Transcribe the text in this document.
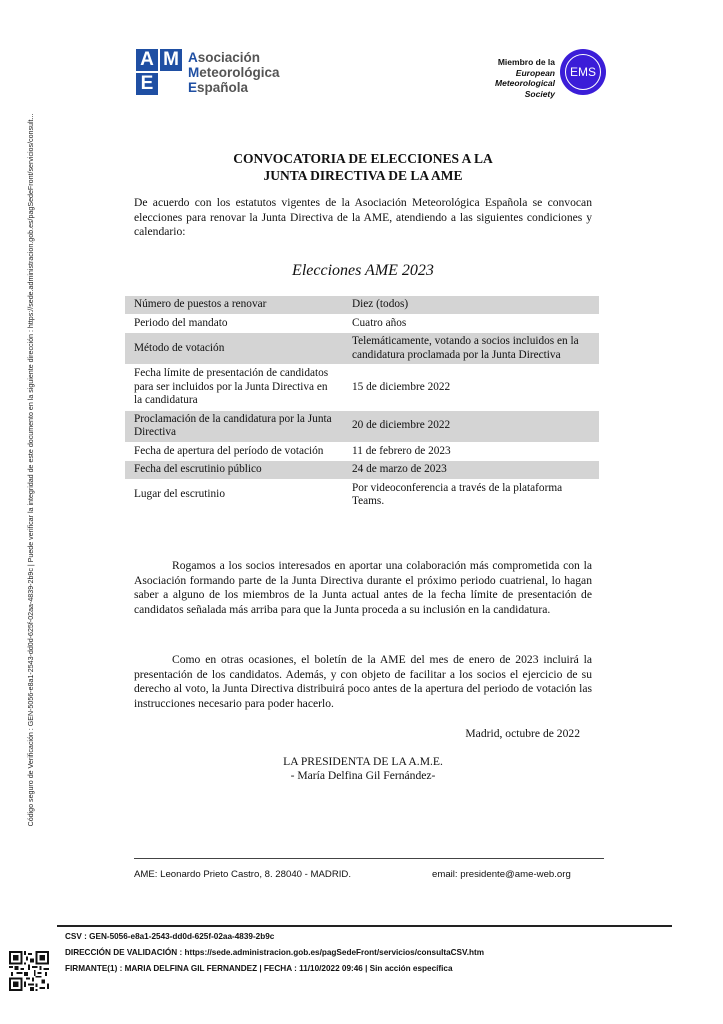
Código seguro de Verificación : GEN-5056-e8a1-2543-dd0d-625f-02aa-4839-2b9c | Puede verificar la integridad de este documento en la siguiente dirección : https://sede.administracion.gob.es/pagSedeFront/servicios/consult...
A M
E
Asociación
Meteorológica
Española
Miembro de la
European
Meteorological
Society
EMS
CONVOCATORIA DE ELECCIONES A LA
JUNTA DIRECTIVA DE LA AME
De acuerdo con los estatutos vigentes de la Asociación Meteorológica Española se convocan elecciones para renovar la Junta Directiva de la AME, atendiendo a las siguientes condiciones y calendario:
Elecciones AME 2023
Número de puestos a renovar	Diez (todos)
Periodo del mandato	Cuatro años
Método de votación	Telemáticamente, votando a socios incluidos en la candidatura proclamada por la Junta Directiva
Fecha límite de presentación de candidatos para ser incluidos por la Junta Directiva en la candidatura	15 de diciembre 2022
Proclamación de la candidatura por la Junta Directiva	20 de diciembre 2022
Fecha de apertura del período de votación	11 de febrero de 2023
Fecha del escrutinio público	24 de marzo de 2023
Lugar del escrutinio	Por videoconferencia a través de la plataforma Teams.
Rogamos a los socios interesados en aportar una colaboración más comprometida con la Asociación formando parte de la Junta Directiva durante el próximo periodo cuatrienal, lo hagan saber a alguno de los miembros de la Junta actual antes de la fecha límite de presentación de candidatos señalada más arriba para que la Junta proceda a su inclusión en la candidatura.
Como en otras ocasiones, el boletín de la AME del mes de enero de 2023 incluirá la presentación de los candidatos. Además, y con objeto de facilitar a los socios el ejercicio de su derecho al voto, la Junta Directiva distribuirá poco antes de la apertura del periodo de votación las instrucciones necesario para poder hacerlo.
Madrid, octubre de 2022
LA PRESIDENTA DE LA A.M.E.
- María Delfina Gil Fernández-
AME: Leonardo Prieto Castro, 8. 28040 - MADRID.	email: presidente@ame-web.org
CSV : GEN-5056-e8a1-2543-dd0d-625f-02aa-4839-2b9c
DIRECCIÓN DE VALIDACIÓN : https://sede.administracion.gob.es/pagSedeFront/servicios/consultaCSV.htm
FIRMANTE(1) : MARIA DELFINA GIL FERNANDEZ | FECHA : 11/10/2022 09:46 | Sin acción específica
